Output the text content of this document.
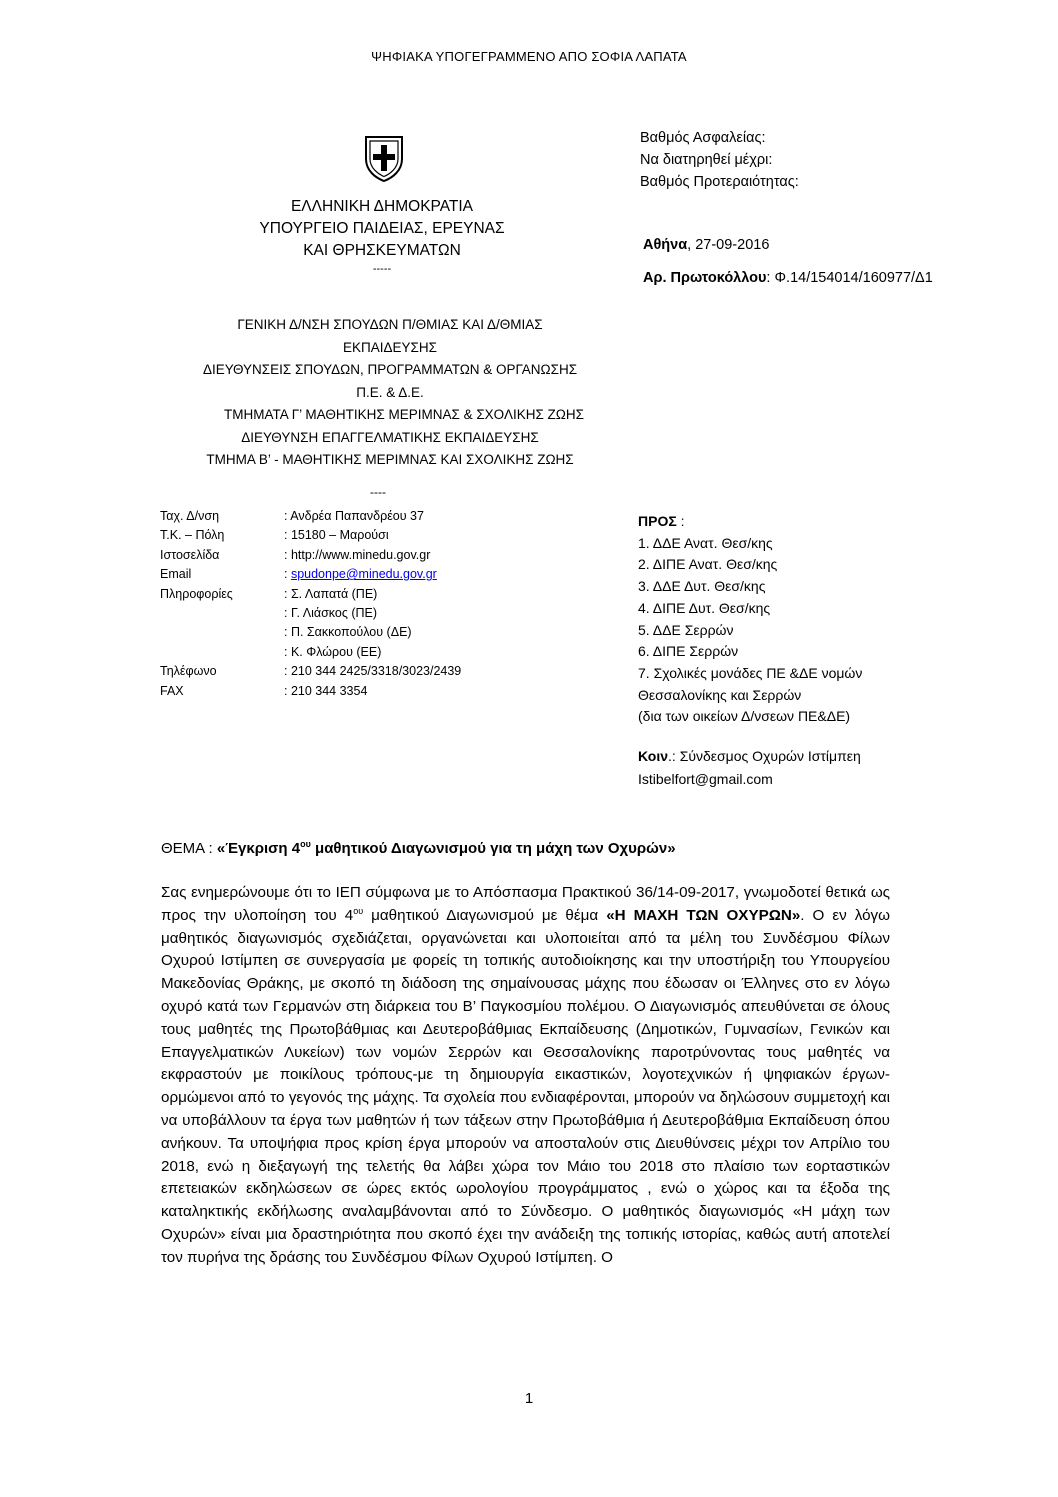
ΨΗΦΙΑΚΑ ΥΠΟΓΕΓΡΑΜΜΕΝΟ ΑΠΟ ΣΟΦΙΑ ΛΑΠΑΤΑ
ΕΛΛΗΝΙΚΗ ΔΗΜΟΚΡΑΤΙΑ
ΥΠΟΥΡΓΕΙΟ ΠΑΙΔΕΙΑΣ, ΕΡΕΥΝΑΣ
ΚΑΙ ΘΡΗΣΚΕΥΜΑΤΩΝ
-----
Βαθμός Ασφαλείας:
Να διατηρηθεί μέχρι:
Βαθμός Προτεραιότητας:
Αθήνα, 27-09-2016
Αρ. Πρωτοκόλλου: Φ.14/154014/160977/Δ1
ΓΕΝΙΚΗ Δ/ΝΣΗ ΣΠΟΥΔΩΝ Π/ΘΜΙΑΣ ΚΑΙ Δ/ΘΜΙΑΣ
ΕΚΠΑΙΔΕΥΣΗΣ
ΔΙΕΥΘΥΝΣΕΙΣ ΣΠΟΥΔΩΝ, ΠΡΟΓΡΑΜΜΑΤΩΝ & ΟΡΓΑΝΩΣΗΣ
Π.Ε. & Δ.Ε.
ΤΜΗΜΑΤΑ Γ’ ΜΑΘΗΤΙΚΗΣ ΜΕΡΙΜΝΑΣ & ΣΧΟΛΙΚΗΣ ΖΩΗΣ
ΔΙΕΥΘΥΝΣΗ ΕΠΑΓΓΕΛΜΑΤΙΚΗΣ ΕΚΠΑΙΔΕΥΣΗΣ
ΤΜΗΜΑ Β’ - ΜΑΘΗΤΙΚΗΣ ΜΕΡΙΜΝΑΣ ΚΑΙ ΣΧΟΛΙΚΗΣ ΖΩΗΣ
----
Ταχ. Δ/νση	: Ανδρέα Παπανδρέου 37
Τ.Κ. – Πόλη	: 15180 – Μαρούσι
Ιστοσελίδα	: http://www.minedu.gov.gr
Email	: spudonpe@minedu.gov.gr
Πληροφορίες	: Σ. Λαπατά (ΠΕ)
	: Γ. Λιάσκος (ΠΕ)
	: Π. Σακκοπούλου (ΔΕ)
	: Κ. Φλώρου (ΕΕ)
Τηλέφωνο	: 210 344 2425/3318/3023/2439
FAX	: 210 344 3354
ΠΡΟΣ :
1. ΔΔΕ Ανατ. Θεσ/κης
2. ΔΙΠΕ Ανατ. Θεσ/κης
3. ΔΔΕ Δυτ. Θεσ/κης
4. ΔΙΠΕ Δυτ. Θεσ/κης
5. ΔΔΕ Σερρών
6. ΔΙΠΕ Σερρών
7. Σχολικές μονάδες ΠΕ &ΔΕ νομών
Θεσσαλονίκης και Σερρών
(δια των οικείων Δ/νσεων ΠΕ&ΔΕ)
Κοιν.: Σύνδεσμος Οχυρών Ιστίμπεη
Istibelfort@gmail.com
ΘΕΜΑ : «Έγκριση $4^{o\upsilon}$ μαθητικού Διαγωνισμού για τη μάχη των Οχυρών»
Σας ενημερώνουμε ότι το ΙΕΠ σύμφωνα με το Απόσπασμα Πρακτικού 36/14-09-2017, γνωμοδοτεί θετικά ως προς την υλοποίηση του $4^{o\upsilon}$ μαθητικού Διαγωνισμού με θέμα «Η ΜΑΧΗ ΤΩΝ ΟΧΥΡΩΝ». Ο εν λόγω μαθητικός διαγωνισμός σχεδιάζεται, οργανώνεται και υλοποιείται από τα μέλη του Συνδέσμου Φίλων Οχυρού Ιστίμπεη σε συνεργασία με φορείς τη τοπικής αυτοδιοίκησης και την υποστήριξη του Υπουργείου Μακεδονίας Θράκης, με σκοπό τη διάδοση της σημαίνουσας μάχης που έδωσαν οι Έλληνες στο εν λόγω οχυρό κατά των Γερμανών στη διάρκεια του Β’ Παγκοσμίου πολέμου. Ο Διαγωνισμός απευθύνεται σε όλους τους μαθητές της Πρωτοβάθμιας και Δευτεροβάθμιας Εκπαίδευσης (Δημοτικών, Γυμνασίων, Γενικών και Επαγγελματικών Λυκείων) των νομών Σερρών και Θεσσαλονίκης παροτρύνοντας τους μαθητές να εκφραστούν με ποικίλους τρόπους-με τη δημιουργία εικαστικών, λογοτεχνικών ή ψηφιακών έργων- ορμώμενοι από το γεγονός της μάχης. Τα σχολεία που ενδιαφέρονται, μπορούν να δηλώσουν συμμετοχή και να υποβάλλουν τα έργα των μαθητών ή των τάξεων στην Πρωτοβάθμια ή Δευτεροβάθμια Εκπαίδευση όπου ανήκουν. Τα υποψήφια προς κρίση έργα μπορούν να αποσταλούν στις Διευθύνσεις μέχρι τον Απρίλιο του 2018, ενώ η διεξαγωγή της τελετής θα λάβει χώρα τον Μάιο του 2018 στο πλαίσιο των εορταστικών επετειακών εκδηλώσεων σε ώρες εκτός ωρολογίου προγράμματος , ενώ ο χώρος και τα έξοδα της καταληκτικής εκδήλωσης αναλαμβάνονται από το Σύνδεσμο. Ο μαθητικός διαγωνισμός «Η μάχη των Οχυρών» είναι μια δραστηριότητα που σκοπό έχει την ανάδειξη της τοπικής ιστορίας, καθώς αυτή αποτελεί τον πυρήνα της δράσης του Συνδέσμου Φίλων Οχυρού Ιστίμπεη. Ο
1
